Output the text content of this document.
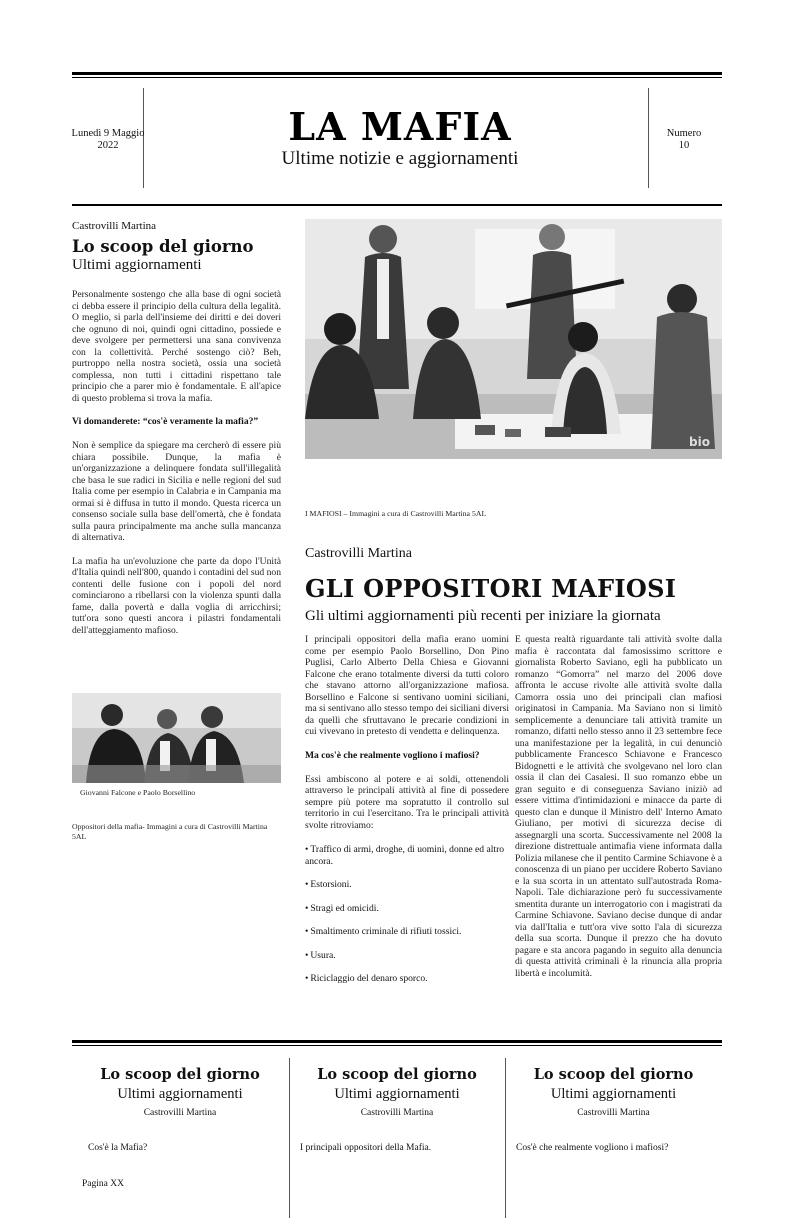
Lunedì 9 Maggio 2022	LA MAFIA
Ultime notizie e aggiornamenti
Numero
10
Castrovilli Martina
Lo scoop del giorno
Ultimi aggiornamenti

Personalmente sostengo che alla base di ogni società ci debba essere il principio della cultura della legalità. O meglio, si parla dell'insieme dei diritti e dei doveri che ognuno di noi, quindi ogni cittadino, possiede e deve svolgere per permettersi una sana convivenza con la collettività. Perché sostengo ciò? Beh, purtroppo nella nostra società, ossia una società complessa, non tutti i cittadini rispettano tale principio che a parer mio è fondamentale. E all'apice di questo problema si trova la mafia.

Vi domanderete: “cos'è veramente la mafia?”

Non è semplice da spiegare ma cercherò di essere più chiara possibile. Dunque, la mafia è un'organizzazione a delinquere fondata sull'illegalità che basa le sue radici in Sicilia e nelle regioni del sud Italia come per esempio in Calabria e in Campania ma ormai si è diffusa in tutto il mondo. Questa ricerca un consenso sociale sulla base dell'omertà, che è fondata sulla paura principalmente ma anche sulla mancanza di alternativa.

La mafia ha un'evoluzione che parte da dopo l'Unità d'Italia quindi nell'800, quando i contadini del sud non contenti delle fusione con i popoli del nord cominciarono a ribellarsi con la violenza spunti dalla fame, dalla povertà e dalla voglia di arricchirsi; tutt'ora sono questi ancora i pilastri fondamentali dell'atteggiamento mafioso.

Giovanni Falcone e Paolo Borsellino
Oppositori della mafia- Immagini a cura di Castrovilli Martina 5AL
bio
I MAFIOSI – Immagini a cura di Castrovilli Martina 5AL
Castrovilli Martina
GLI OPPOSITORI MAFIOSI
Gli ultimi aggiornamenti più recenti per iniziare la giornata

I principali oppositori della mafia erano uomini come per esempio Paolo Borsellino, Don Pino Puglisi, Carlo Alberto Della Chiesa e Giovanni Falcone che erano totalmente diversi da tutti coloro che stavano attorno all'organizzazione mafiosa. Borsellino e Falcone si sentivano uomini siciliani, ma si sentivano allo stesso tempo dei siciliani diversi da quelli che sfruttavano le precarie condizioni in cui vivevano in pretesto di vendetta e delinquenza.

Ma cos'è che realmente vogliono i mafiosi?

Essi ambiscono al potere e ai soldi, ottenendoli attraverso le principali attività al fine di possedere sempre più potere ma sopratutto il controllo sul territorio in cui l'esercitano. Tra le principali attività svolte ritroviamo:

• Traffico di armi, droghe, di uomini, donne ed altro ancora.
• Estorsioni.
• Stragi ed omicidi.
• Smaltimento criminale di rifiuti tossici.
• Usura.
• Riciclaggio del denaro sporco.

E questa realtà riguardante tali attività svolte dalla mafia è raccontata dal famosissimo scrittore e giornalista Roberto Saviano, egli ha pubblicato un romanzo “Gomorra” nel marzo del 2006 dove affronta le accuse rivolte alle attività svolte dalla Camorra ossia uno dei principali clan mafiosi originatosi in Campania. Ma Saviano non si limitò semplicemente a denunciare tali attività tramite un romanzo, difatti nello stesso anno il 23 settembre fece una manifestazione per la legalità, in cui denunciò pubblicamente Francesco Schiavone e Francesco Bidognetti e le attività che svolgevano nel loro clan ossia il clan dei Casalesi. Il suo romanzo ebbe un gran seguito e di conseguenza Saviano iniziò ad essere vittima d'intimidazioni e minacce da parte di questo clan e dunque il Ministro dell' Interno Amato Giuliano, per motivi di sicurezza decise di assegnargli una scorta. Successivamente nel 2008 la direzione distrettuale antimafia viene informata dalla Polizia milanese che il pentito Carmine Schiavone è a conoscenza di un piano per uccidere Roberto Saviano e la sua scorta in un attentato sull'autostrada Roma-Napoli. Tale dichiarazione però fu successivamente smentita durante un interrogatorio con i magistrati da Carmine Schiavone. Saviano decise dunque di andar via dall'Italia e tutt'ora vive sotto l'ala di sicurezza della sua scorta. Dunque il prezzo che ha dovuto pagare e sta ancora pagando in seguito alla denuncia di questa attività criminali è la rinuncia alla propria libertà e incolumità.

Lo scoop del giorno
Ultimi aggiornamenti
Castrovilli Martina
Cos'è la Mafia?
Lo scoop del giorno
Ultimi aggiornamenti
Castrovilli Martina
I principali oppositori della Mafia.
Lo scoop del giorno
Ultimi aggiornamenti
Castrovilli Martina
Cos'è che realmente vogliono i mafiosi?
Pagina XX
